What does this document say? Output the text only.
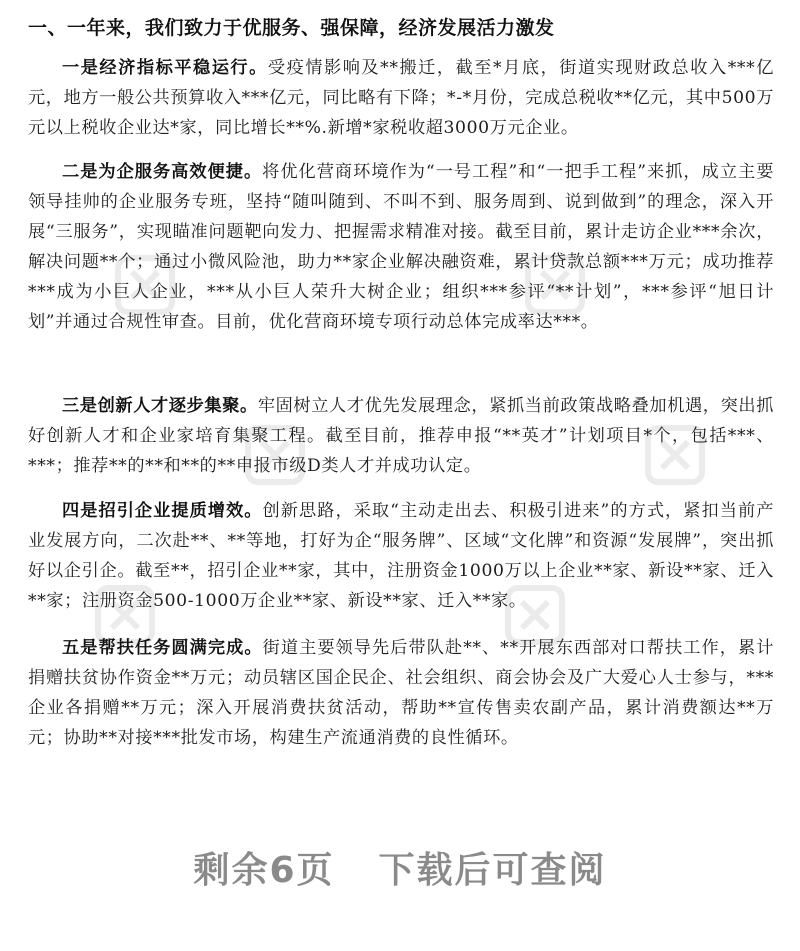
一、一年来，我们致力于优服务、强保障，经济发展活力激发

一是经济指标平稳运行。受疫情影响及**搬迁，截至*月底，街道实现财政总收入***亿元，地方一般公共预算收入***亿元，同比略有下降；*-*月份，完成总税收**亿元，其中500万元以上税收企业达*家，同比增长**%.新增*家税收超3000万元企业。

二是为企服务高效便捷。将优化营商环境作为“一号工程”和“一把手工程”来抓，成立主要领导挂帅的企业服务专班，坚持“随叫随到、不叫不到、服务周到、说到做到”的理念，深入开展“三服务”，实现瞄准问题靶向发力、把握需求精准对接。截至目前，累计走访企业***余次，解决问题**个；通过小微风险池，助力**家企业解决融资难，累计贷款总额***万元；成功推荐***成为小巨人企业，***从小巨人荣升大树企业；组织***参评“**计划”，***参评“旭日计划”并通过合规性审查。目前，优化营商环境专项行动总体完成率达***。

三是创新人才逐步集聚。牢固树立人才优先发展理念，紧抓当前政策战略叠加机遇，突出抓好创新人才和企业家培育集聚工程。截至目前，推荐申报“**英才”计划项目*个，包括***、***；推荐**的**和**的**申报市级D类人才并成功认定。

四是招引企业提质增效。创新思路，采取“主动走出去、积极引进来”的方式，紧扣当前产业发展方向，二次赴**、**等地，打好为企“服务牌”、区域“文化牌”和资源“发展牌”，突出抓好以企引企。截至**，招引企业**家，其中，注册资金1000万以上企业**家、新设**家、迁入**家；注册资金500-1000万企业**家、新设**家、迁入**家。

五是帮扶任务圆满完成。街道主要领导先后带队赴**、**开展东西部对口帮扶工作，累计捐赠扶贫协作资金**万元；动员辖区国企民企、社会组织、商会协会及广大爱心人士参与，***企业各捐赠**万元；深入开展消费扶贫活动，帮助**宣传售卖农副产品，累计消费额达**万元；协助**对接***批发市场，构建生产流通消费的良性循环。

剩余6页 下载后可查阅
